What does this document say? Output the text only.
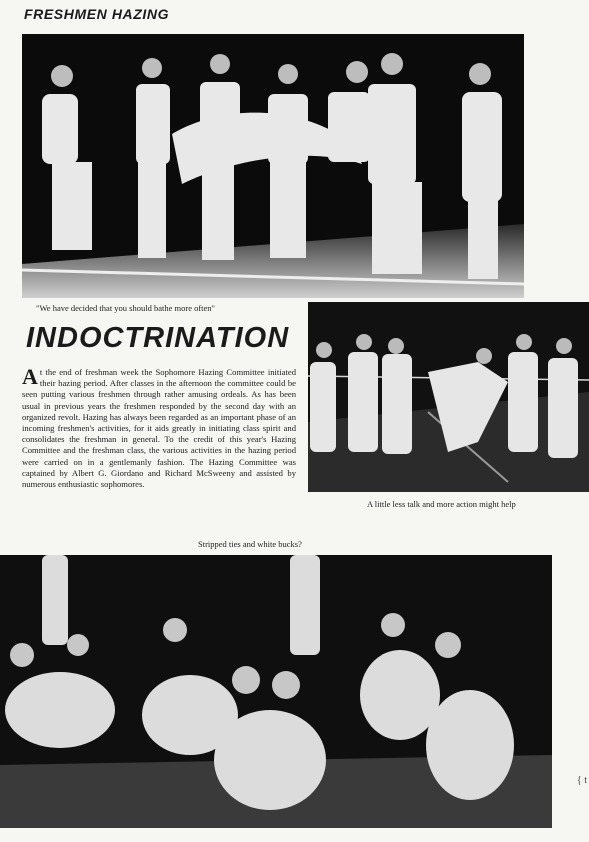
FRESHMEN HAZING
"We have decided that you should bathe more often"
A little less talk and more action might help
INDOCTRINATION
At the end of freshman week the Sophomore Hazing Committee initiated their hazing period. After classes in the afternoon the committee could be seen putting various freshmen through rather amusing ordeals. As has been usual in previous years the freshmen responded by the second day with an organized revolt. Hazing has always been regarded as an important phase of an incoming freshmen's activities, for it aids greatly in initiating class spirit and consolidates the freshman in general. To the credit of this year's Hazing Committee and the freshman class, the various activities in the hazing period were carried on in a gentlemanly fashion. The Hazing Committee was captained by Albert G. Giordano and Richard McSweeny and assisted by numerous enthusiastic sophomores.
Stripped ties and white bucks?
{ t
